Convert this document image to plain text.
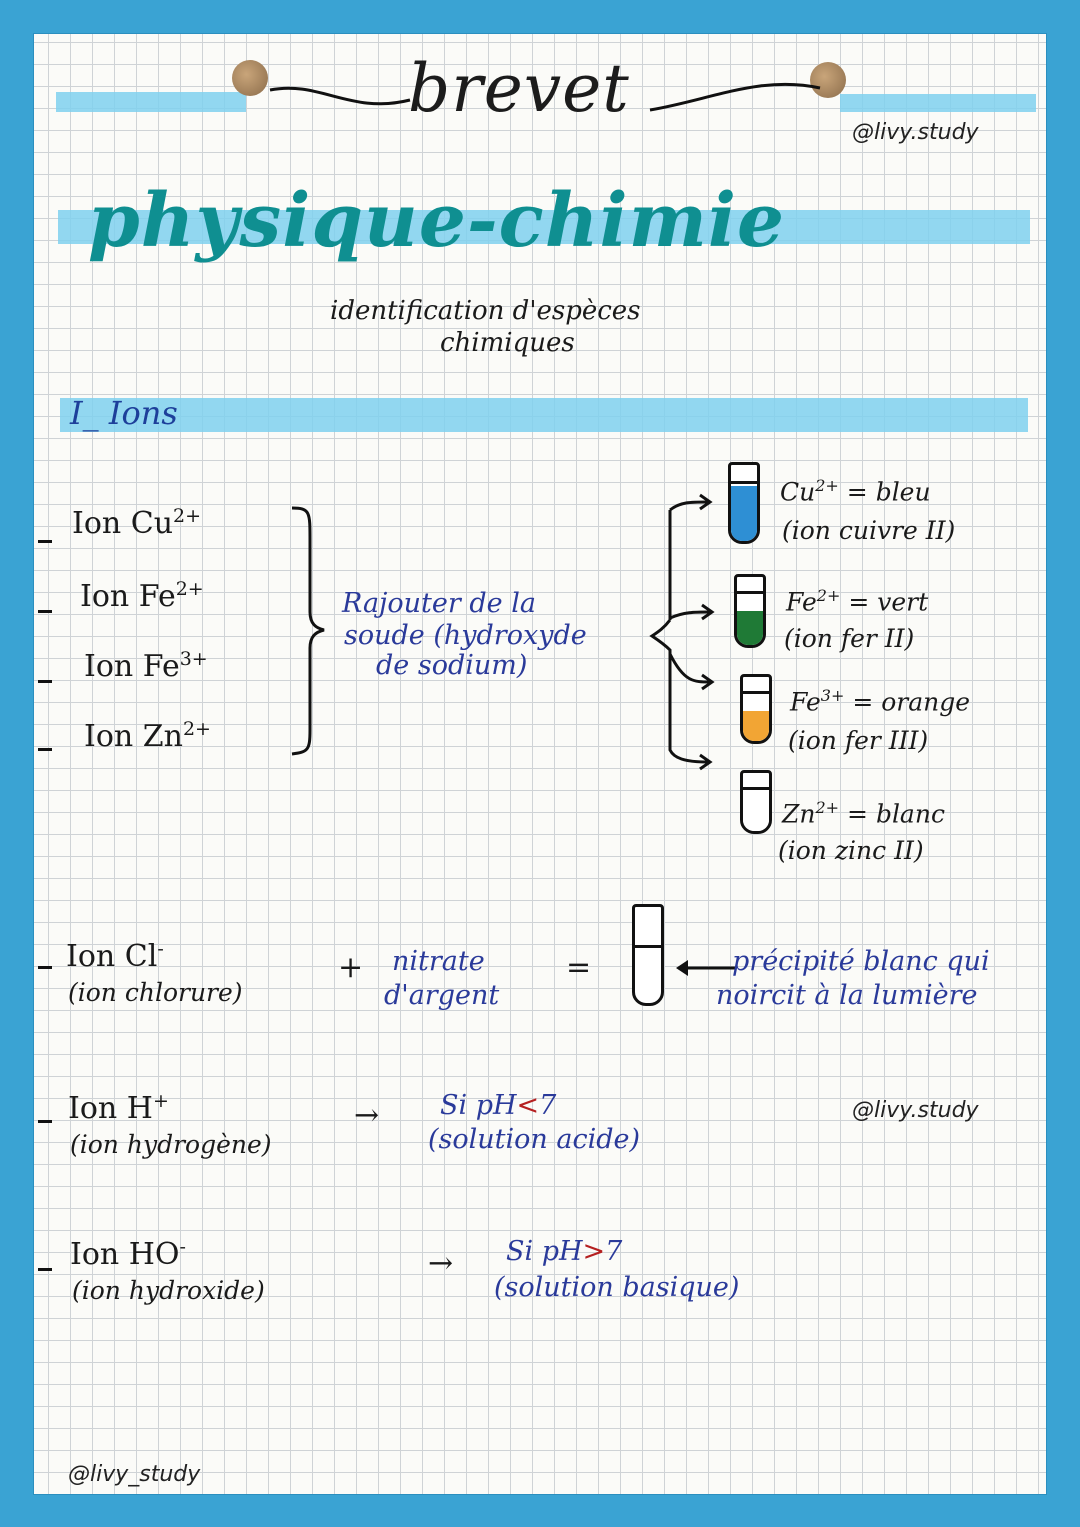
brevet
@livy.study
physique-chimie
identification d'espèces
chimiques
I_ Ions
Ion $Cu^{2+}$
Ion $Fe^{2+}$
Ion $Fe^{3+}$
Ion $Zn^{2+}$
Rajouter de la
soude (hydroxyde
de sodium)
$Cu^{2+}$ = bleu
(ion cuivre II)
$Fe^{2+}$ = vert
(ion fer II)
$Fe^{3+}$ = orange
(ion fer III)
$Zn^{2+}$ = blanc
(ion zinc II)
Ion Cl-
(ion chlorure)
+ nitrate
d'argent
=	précipité blanc qui
noircit à la lumière
Ion H+
(ion hydrogène)
→ Si pH<7
(solution acide)
@livy.study
Ion HO-
(ion hydroxide)
→ Si pH>7
(solution basique)
@livy_study
